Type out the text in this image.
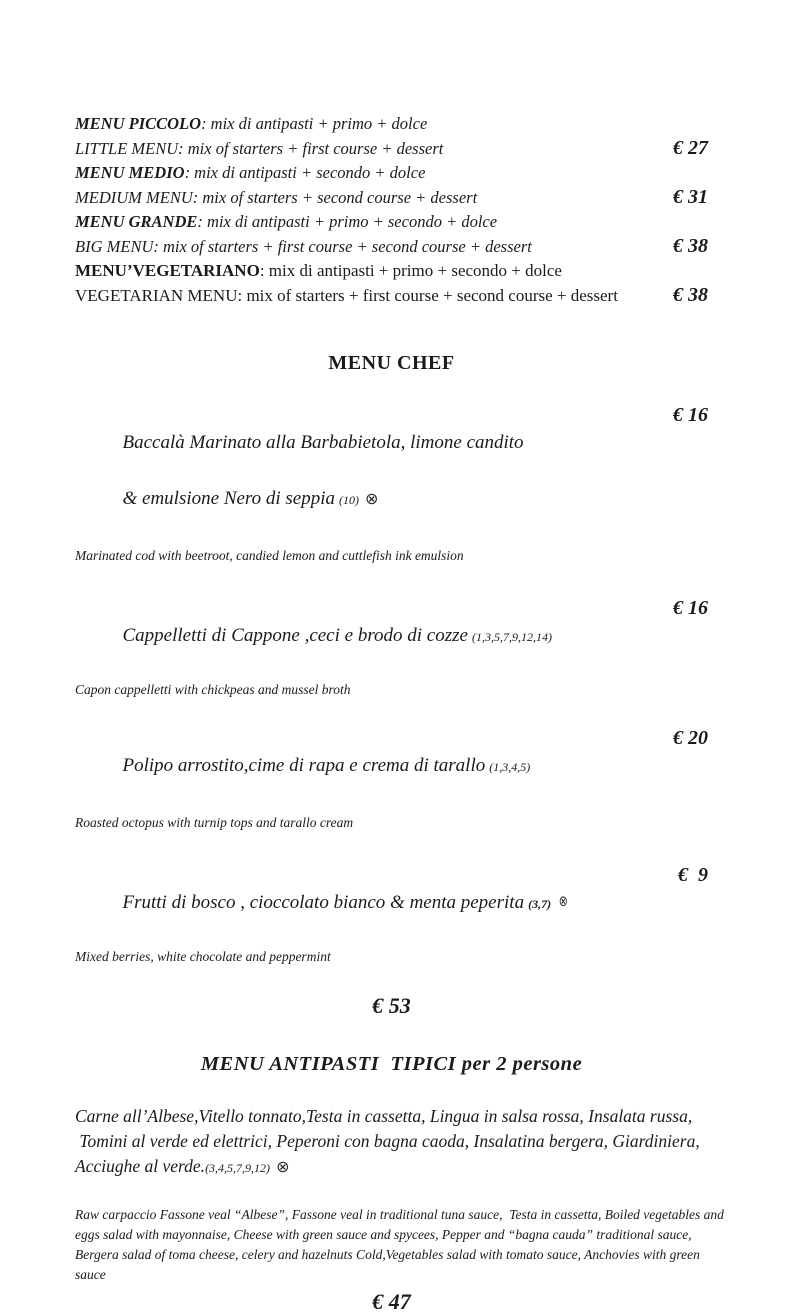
MENU PICCOLO: mix di antipasti + primo + dolce
LITTLE MENU: mix of starters + first course + dessert	€ 27
MENU MEDIO: mix di antipasti + secondo + dolce
MEDIUM MENU: mix of starters + second course + dessert	€ 31
MENU GRANDE: mix di antipasti + primo + secondo + dolce
BIG MENU: mix of starters + first course + second course + dessert	€ 38
MENU’VEGETARIANO: mix di antipasti + primo + secondo + dolce
VEGETARIAN MENU: mix of starters + first course + second course + dessert	€ 38
MENU CHEF

Baccalà Marinato alla Barbabietola, limone candito

& emulsione Nero di seppia (10) ⊗

€ 16
Marinated cod with beetroot, candied lemon and cuttlefish ink emulsion

Cappelletti di Cappone ,ceci e brodo di cozze (1,3,5,7,9,12,14)

€ 16
Capon cappelletti with chickpeas and mussel broth

Polipo arrostito,cime di rapa e crema di tarallo (1,3,4,5)

€ 20
Roasted octopus with turnip tops and tarallo cream

Frutti di bosco , cioccolato bianco & menta peperita (3,7) ⊗

€  9
Mixed berries, white chocolate and peppermint
€ 53
MENU ANTIPASTI  TIPICI per 2 persone
Carne all’Albese,Vitello tonnato,Testa in cassetta, Lingua in salsa rossa, Insalata russa,
Tomini al verde ed elettrici, Peperoni con bagna caoda, Insalatina bergera, Giardiniera,
Acciughe al verde.(3,4,5,7,9,12) ⊗
Raw carpaccio Fassone veal “Albese”, Fassone veal in traditional tuna sauce,  Testa in cassetta, Boiled vegetables and
eggs salad with mayonnaise, Cheese with green sauce and spycees, Pepper and “bagna cauda” traditional sauce,
Bergera salad of toma cheese, celery and hazelnuts Cold,Vegetables salad with tomato sauce, Anchovies with green
sauce
€ 47
